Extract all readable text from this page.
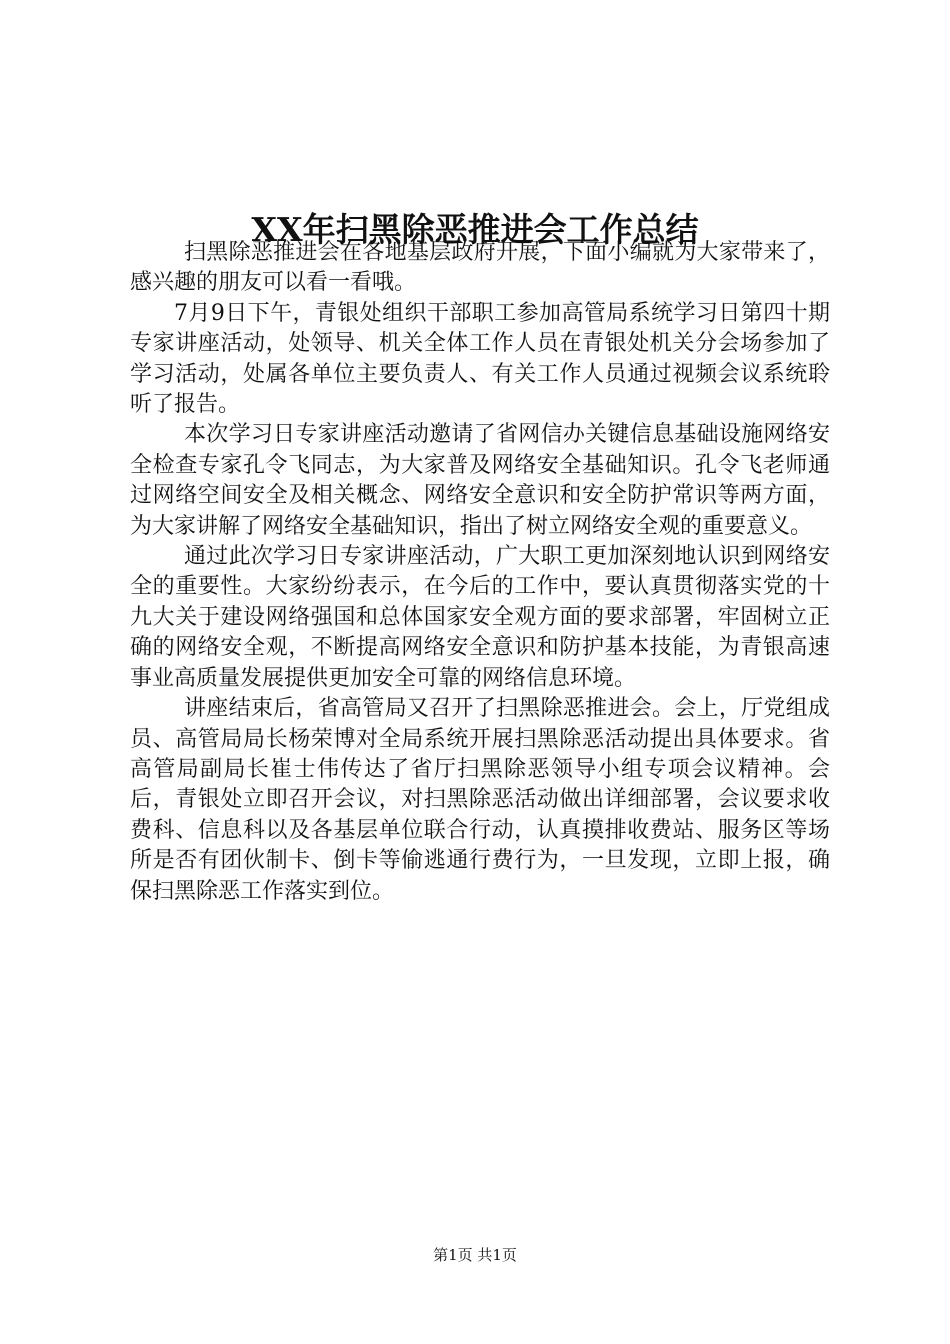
XX年扫黑除恶推进会工作总结

扫黑除恶推进会在各地基层政府开展，下面小编就为大家带来了，感兴趣的朋友可以看一看哦。

7月9日下午，青银处组织干部职工参加高管局系统学习日第四十期专家讲座活动，处领导、机关全体工作人员在青银处机关分会场参加了学习活动，处属各单位主要负责人、有关工作人员通过视频会议系统聆听了报告。

本次学习日专家讲座活动邀请了省网信办关键信息基础设施网络安全检查专家孔令飞同志，为大家普及网络安全基础知识。孔令飞老师通过网络空间安全及相关概念、网络安全意识和安全防护常识等两方面，为大家讲解了网络安全基础知识，指出了树立网络安全观的重要意义。

通过此次学习日专家讲座活动，广大职工更加深刻地认识到网络安全的重要性。大家纷纷表示，在今后的工作中，要认真贯彻落实党的十九大关于建设网络强国和总体国家安全观方面的要求部署，牢固树立正确的网络安全观，不断提高网络安全意识和防护基本技能，为青银高速事业高质量发展提供更加安全可靠的网络信息环境。

讲座结束后，省高管局又召开了扫黑除恶推进会。会上，厅党组成员、高管局局长杨荣博对全局系统开展扫黑除恶活动提出具体要求。省高管局副局长崔士伟传达了省厅扫黑除恶领导小组专项会议精神。会后，青银处立即召开会议，对扫黑除恶活动做出详细部署，会议要求收费科、信息科以及各基层单位联合行动，认真摸排收费站、服务区等场所是否有团伙制卡、倒卡等偷逃通行费行为，一旦发现，立即上报，确保扫黑除恶工作落实到位。

第1页 共1页
